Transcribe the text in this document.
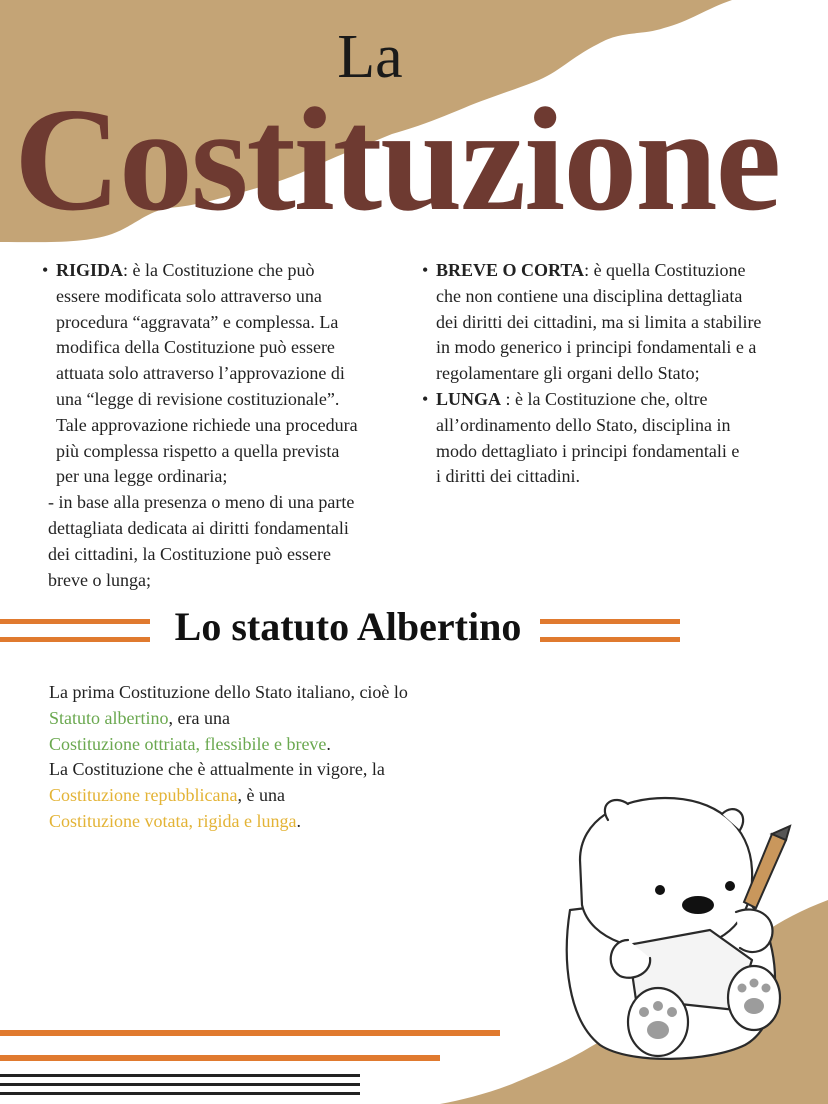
La
Costituzione
• RIGIDA: è la Costituzione che può
essere modificata solo attraverso una
procedura “aggravata” e complessa. La
modifica della Costituzione può essere
attuata solo attraverso l’approvazione di
una “legge di revisione costituzionale”.
Tale approvazione richiede una procedura
più complessa rispetto a quella prevista
per una legge ordinaria;
- in base alla presenza o meno di una parte
dettagliata dedicata ai diritti fondamentali
dei cittadini, la Costituzione può essere
breve o lunga;
• BREVE O CORTA: è quella Costituzione
che non contiene una disciplina dettagliata
dei diritti dei cittadini, ma si limita a stabilire
in modo generico i principi fondamentali e a
regolamentare gli organi dello Stato;
• LUNGA : è la Costituzione che, oltre
all’ordinamento dello Stato, disciplina in
modo dettagliato i principi fondamentali e
i diritti dei cittadini.
Lo statuto Albertino
La prima Costituzione dello Stato italiano, cioè lo
Statuto albertino, era una
Costituzione ottriata, flessibile e breve.
La Costituzione che è attualmente in vigore, la
Costituzione repubblicana, è una
Costituzione votata, rigida e lunga.
